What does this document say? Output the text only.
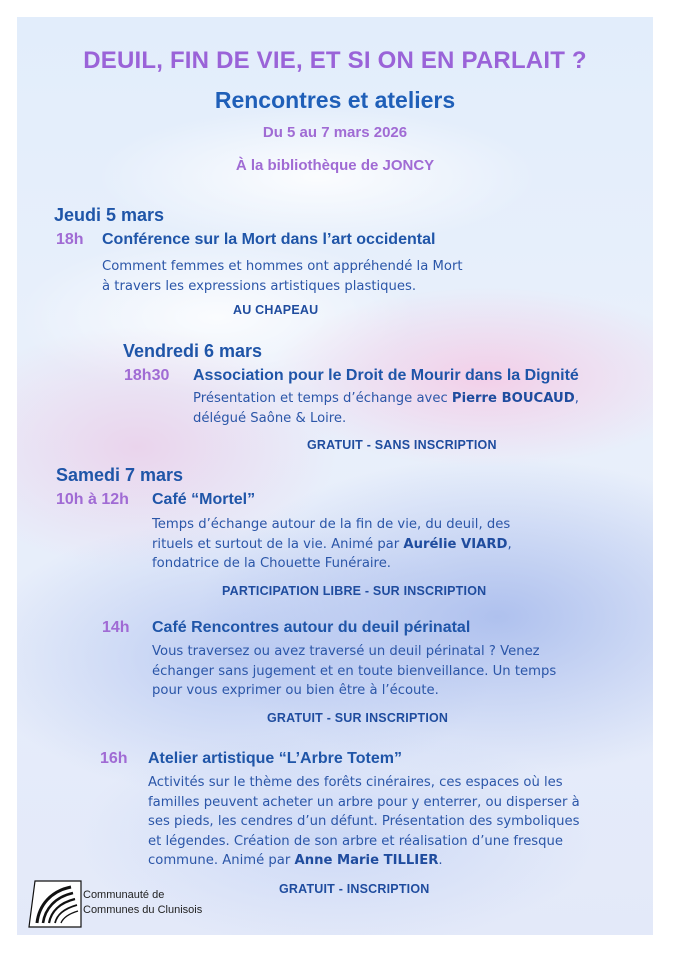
DEUIL, FIN DE VIE, ET SI ON EN PARLAIT ?
Rencontres et ateliers
Du 5 au 7 mars 2026
À la bibliothèque de JONCY
Jeudi 5 mars
18h Conférence sur la Mort dans l’art occidental
Comment femmes et hommes ont appréhendé la Mort
à travers les expressions artistiques plastiques.
AU CHAPEAU
Vendredi 6 mars
18h30 Association pour le Droit de Mourir dans la Dignité
Présentation et temps d’échange avec Pierre BOUCAUD,
délégué Saône & Loire.
GRATUIT - SANS INSCRIPTION
Samedi 7 mars
10h à 12h Café “Mortel”
Temps d’échange autour de la fin de vie, du deuil, des
rituels et surtout de la vie. Animé par Aurélie VIARD,
fondatrice de la Chouette Funéraire.
PARTICIPATION LIBRE - SUR INSCRIPTION
14h Café Rencontres autour du deuil périnatal
Vous traversez ou avez traversé un deuil périnatal ? Venez
échanger sans jugement et en toute bienveillance. Un temps
pour vous exprimer ou bien être à l’écoute.
GRATUIT - SUR INSCRIPTION
16h Atelier artistique “L’Arbre Totem”
Activités sur le thème des forêts cinéraires, ces espaces où les
familles peuvent acheter un arbre pour y enterrer, ou disperser à
ses pieds, les cendres d’un défunt. Présentation des symboliques
et légendes. Création de son arbre et réalisation d’une fresque
commune. Animé par Anne Marie TILLIER.
GRATUIT - INSCRIPTION
Communauté de
Communes du Clunisois
